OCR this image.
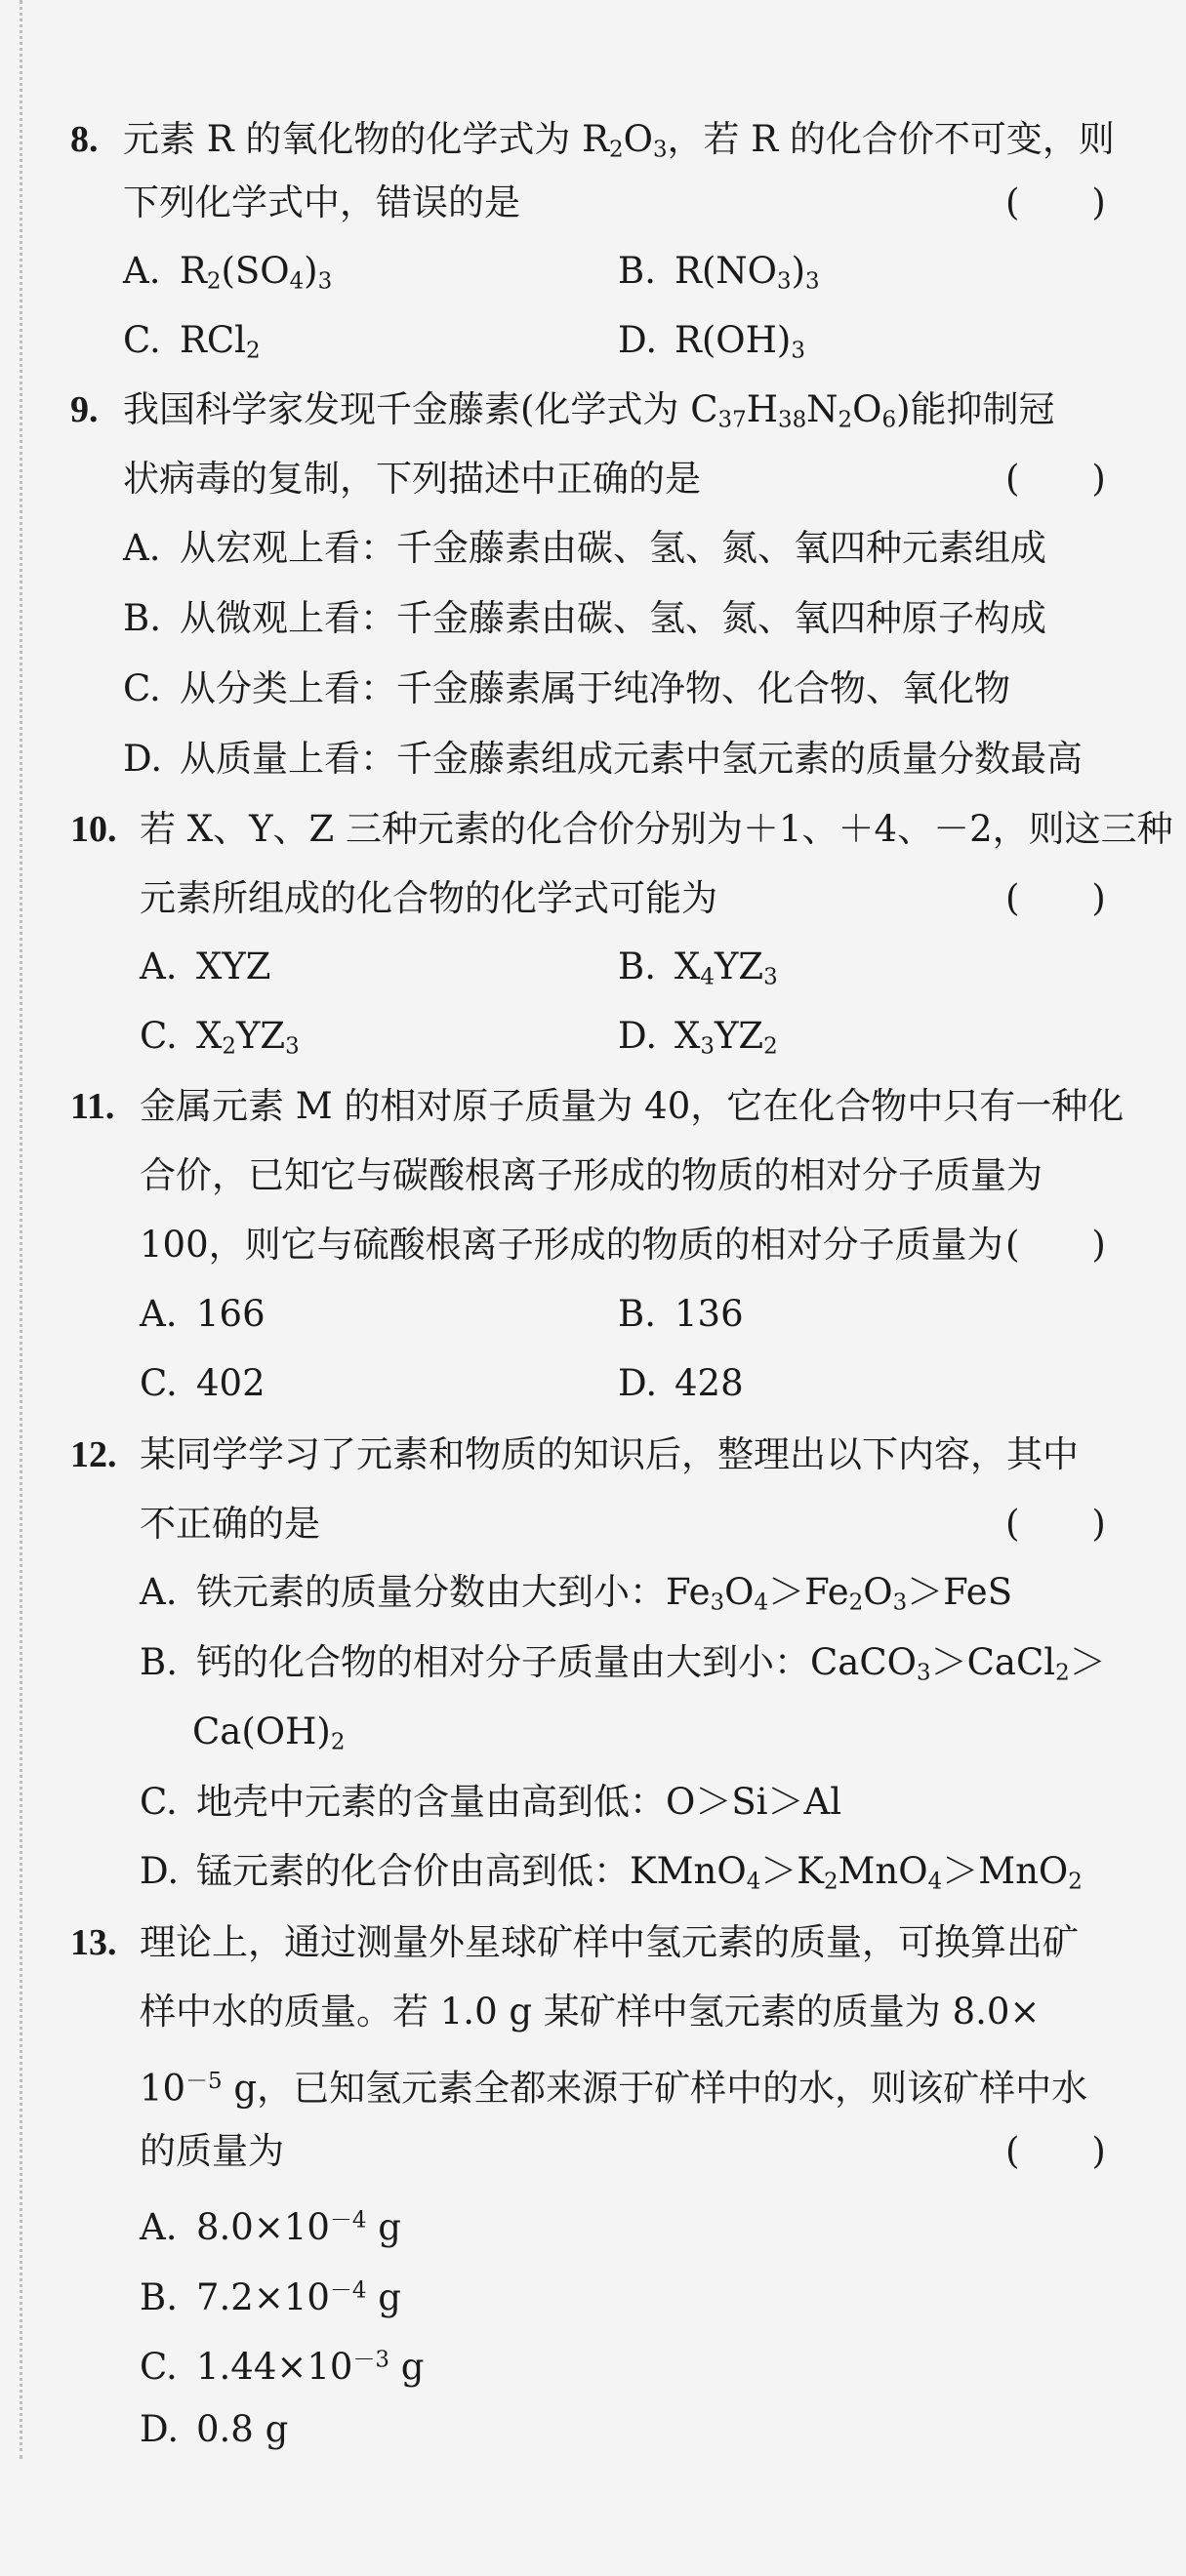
8. 元素 R 的氧化物的化学式为 $R_2O_3$，若 R 的化合价不可变，则
下列化学式中，错误的是	(　　)
A. $R_2(SO_4)_3$	B. $R(NO_3)_3$
C. RCl$_2$	D. $R(OH)_3$
9. 我国科学家发现千金藤素(化学式为 $C_{37}H_{38}N_2O_6$)能抑制冠
状病毒的复制，下列描述中正确的是	(　　)
A. 从宏观上看：千金藤素由碳、氢、氮、氧四种元素组成
B. 从微观上看：千金藤素由碳、氢、氮、氧四种原子构成
C. 从分类上看：千金藤素属于纯净物、化合物、氧化物
D. 从质量上看：千金藤素组成元素中氢元素的质量分数最高
10. 若 X、Y、Z 三种元素的化合价分别为＋1、＋4、－2，则这三种
元素所组成的化合物的化学式可能为	(　　)
A. XYZ	B. $X_4YZ_3$
C. $X_2YZ_3$	D. $X_3YZ_2$
11. 金属元素 M 的相对原子质量为 40，它在化合物中只有一种化
合价，已知它与碳酸根离子形成的物质的相对分子质量为
100，则它与硫酸根离子形成的物质的相对分子质量为 (　　)
A. 166	B. 136
C. 402	D. 428
12. 某同学学习了元素和物质的知识后，整理出以下内容，其中
不正确的是	(　　)
A. 铁元素的质量分数由大到小：$Fe_3O_4>Fe_2O_3>FeS$
B. 钙的化合物的相对分子质量由大到小：CaCO$_3$＞CaCl$_2$＞
$Ca(OH)_2$
C. 地壳中元素的含量由高到低：O＞Si＞Al
D. 锰元素的化合价由高到低：$KMnO_4>K_2MnO_4>MnO_2$
13. 理论上，通过测量外星球矿样中氢元素的质量，可换算出矿
样中水的质量。若 1.0 g 某矿样中氢元素的质量为 8.0×
$10^{-5}$ g，已知氢元素全都来源于矿样中的水，则该矿样中水
的质量为	(　　)
A. $8.0\times 10^{-4}$ g
B. $7.2\times 10^{-4}$ g
C. $1.44\times 10^{-3}$ g
D. 0.8 g
